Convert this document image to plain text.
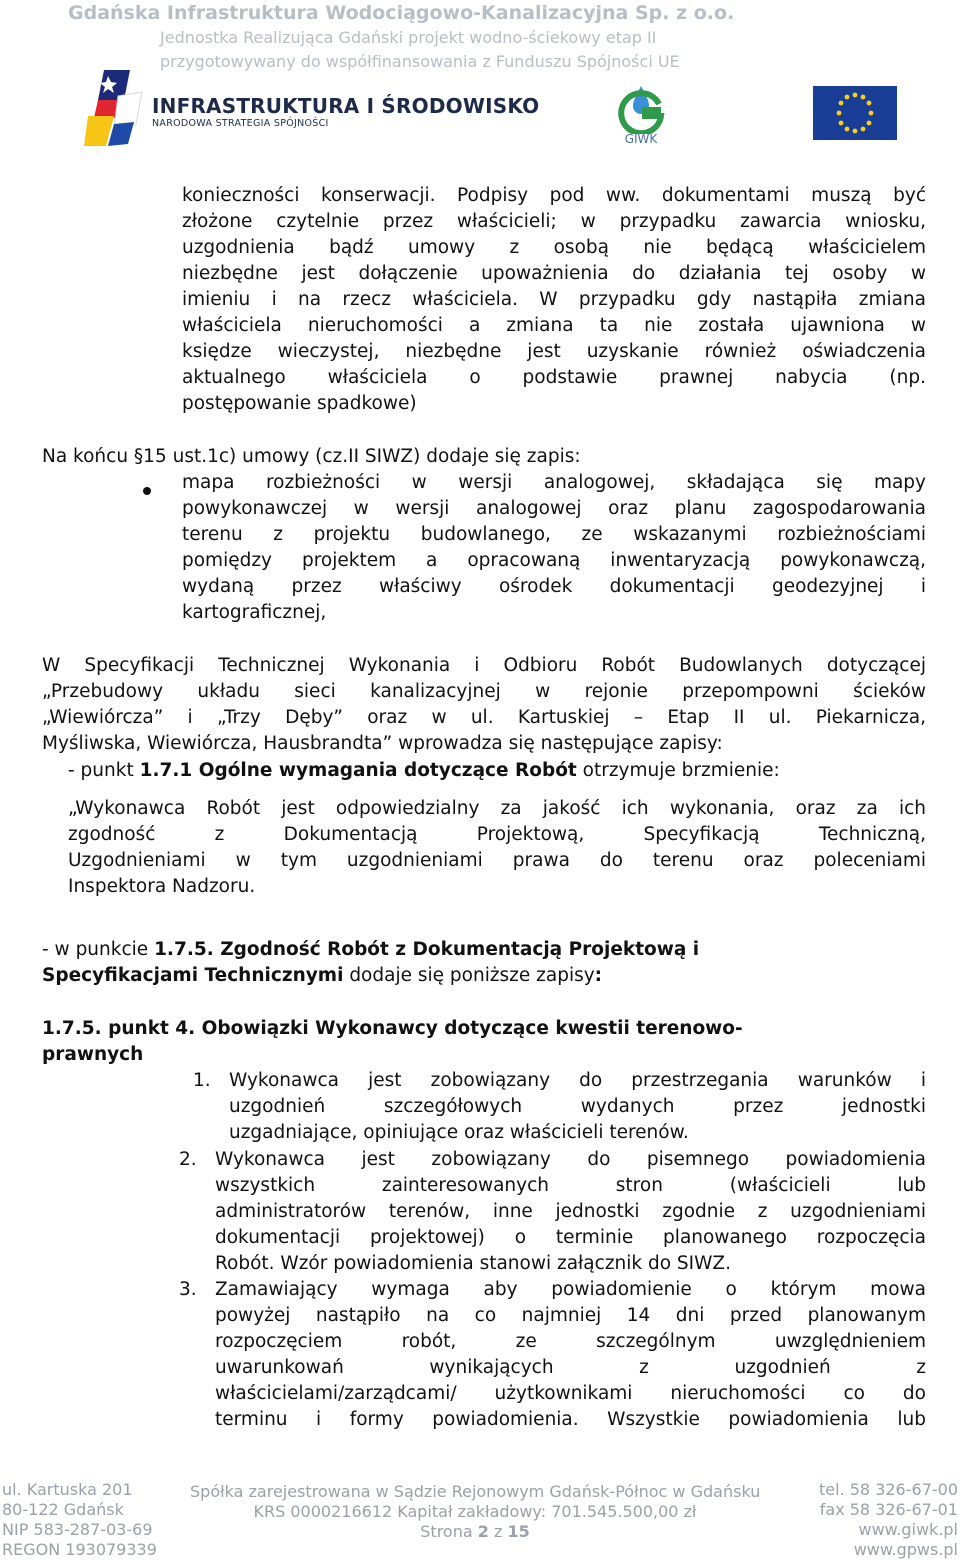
Gdańska Infrastruktura Wodociągowo-Kanalizacyjna Sp. z o.o.
Jednostka Realizująca Gdański projekt wodno-ściekowy etap II
przygotowywany do współfinansowania z Funduszu Spójności UE
INFRASTRUKTURA I ŚRODOWISKO
NARODOWA STRATEGIA SPÓJNOŚCI
GIWK
konieczności konserwacji. Podpisy pod ww. dokumentami muszą być
złożone czytelnie przez właścicieli; w przypadku zawarcia wniosku,
uzgodnienia bądź umowy z osobą nie będącą właścicielem
niezbędne jest dołączenie upoważnienia do działania tej osoby w
imieniu i na rzecz właściciela. W przypadku gdy nastąpiła zmiana
właściciela nieruchomości a zmiana ta nie została ujawniona w
księdze wieczystej, niezbędne jest uzyskanie również oświadczenia
aktualnego właściciela o podstawie prawnej nabycia (np.
postępowanie spadkowe)
Na końcu §15 ust.1c) umowy (cz.II SIWZ) dodaje się zapis:
mapa rozbieżności w wersji analogowej, składająca się mapy
powykonawczej w wersji analogowej oraz planu zagospodarowania
terenu z projektu budowlanego, ze wskazanymi rozbieżnościami
pomiędzy projektem a opracowaną inwentaryzacją powykonawczą,
wydaną przez właściwy ośrodek dokumentacji geodezyjnej i
kartograficznej,
W Specyfikacji Technicznej Wykonania i Odbioru Robót Budowlanych dotyczącej
„Przebudowy układu sieci kanalizacyjnej w rejonie przepompowni ścieków
„Wiewiórcza” i „Trzy Dęby” oraz w ul. Kartuskiej – Etap II ul. Piekarnicza,
Myśliwska, Wiewiórcza, Hausbrandta” wprowadza się następujące zapisy:
- punkt 1.7.1 Ogólne wymagania dotyczące Robót otrzymuje brzmienie:
„Wykonawca Robót jest odpowiedzialny za jakość ich wykonania, oraz za ich
zgodność z Dokumentacją Projektową, Specyfikacją Techniczną,
Uzgodnieniami w tym uzgodnieniami prawa do terenu oraz poleceniami
Inspektora Nadzoru.
- w punkcie 1.7.5. Zgodność Robót z Dokumentacją Projektową i
Specyfikacjami Technicznymi dodaje się poniższe zapisy:
1.7.5. punkt 4. Obowiązki Wykonawcy dotyczące kwestii terenowo-
prawnych
1. Wykonawca jest zobowiązany do przestrzegania warunków i
uzgodnień szczegółowych wydanych przez jednostki
uzgadniające, opiniujące oraz właścicieli terenów.
2. Wykonawca jest zobowiązany do pisemnego powiadomienia
wszystkich zainteresowanych stron (właścicieli lub
administratorów terenów, inne jednostki zgodnie z uzgodnieniami
dokumentacji projektowej) o terminie planowanego rozpoczęcia
Robót. Wzór powiadomienia stanowi załącznik do SIWZ.
3. Zamawiający wymaga aby powiadomienie o którym mowa
powyżej nastąpiło na co najmniej 14 dni przed planowanym
rozpoczęciem robót, ze szczególnym uwzględnieniem
uwarunkowań wynikających z uzgodnień z
właścicielami/zarządcami/ użytkownikami nieruchomości co do
terminu i formy powiadomienia. Wszystkie powiadomienia lub
ul. Kartuska 201
80-122 Gdańsk
NIP 583-287-03-69
REGON 193079339
Spółka zarejestrowana w Sądzie Rejonowym Gdańsk-Północ w Gdańsku
KRS 0000216612 Kapitał zakładowy: 701.545.500,00 zł
Strona 2 z 15
tel. 58 326-67-00
fax 58 326-67-01
www.giwk.pl
www.gpws.pl
